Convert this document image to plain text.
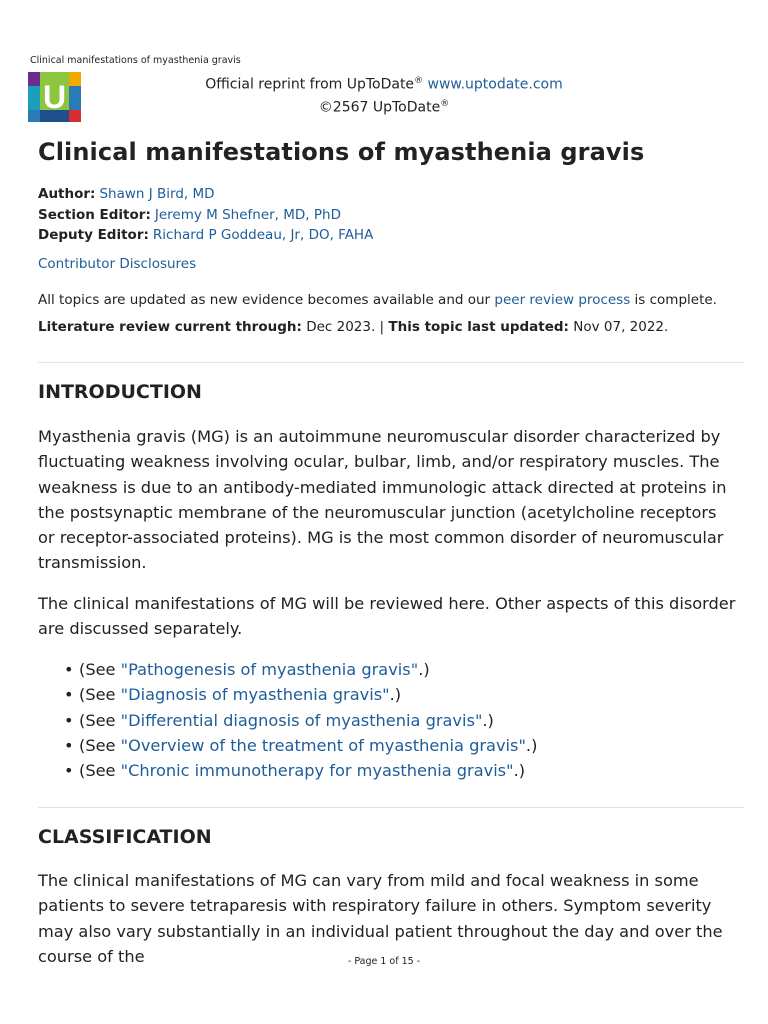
Clinical manifestations of myasthenia gravis
U	Official reprint from UpToDate® www.uptodate.com
©2567 UpToDate®
Clinical manifestations of myasthenia gravis
Author: Shawn J Bird, MD
Section Editor: Jeremy M Shefner, MD, PhD
Deputy Editor: Richard P Goddeau, Jr, DO, FAHA
Contributor Disclosures
All topics are updated as new evidence becomes available and our peer review process is complete.
Literature review current through: Dec 2023. | This topic last updated: Nov 07, 2022.
INTRODUCTION

Myasthenia gravis (MG) is an autoimmune neuromuscular disorder characterized by fluctuating weakness involving ocular, bulbar, limb, and/or respiratory muscles. The weakness is due to an antibody-mediated immunologic attack directed at proteins in the postsynaptic membrane of the neuromuscular junction (acetylcholine receptors or receptor-associated proteins). MG is the most common disorder of neuromuscular transmission.

The clinical manifestations of MG will be reviewed here. Other aspects of this disorder are discussed separately.

• (See "Pathogenesis of myasthenia gravis".)
• (See "Diagnosis of myasthenia gravis".)
• (See "Differential diagnosis of myasthenia gravis".)
• (See "Overview of the treatment of myasthenia gravis".)
• (See "Chronic immunotherapy for myasthenia gravis".)
CLASSIFICATION

The clinical manifestations of MG can vary from mild and focal weakness in some patients to severe tetraparesis with respiratory failure in others. Symptom severity may also vary substantially in an individual patient throughout the day and over the course of the	- Page 1 of 15 -
